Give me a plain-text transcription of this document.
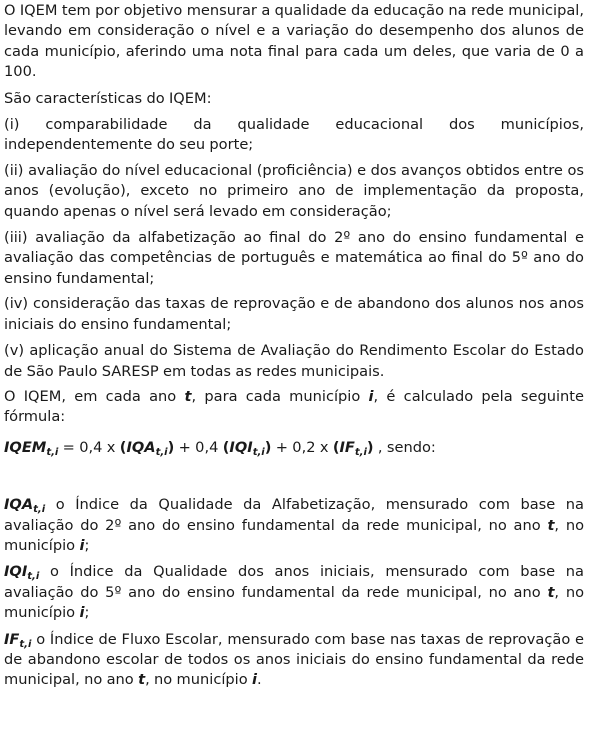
O IQEM tem por objetivo mensurar a qualidade da educação na rede municipal, levando em consideração o nível e a variação do desempenho dos alunos de cada município, aferindo uma nota final para cada um deles, que varia de 0 a 100.

São características do IQEM:

(i) comparabilidade da qualidade educacional dos municípios, independentemente do seu porte;

(ii) avaliação do nível educacional (proficiência) e dos avanços obtidos entre os anos (evolução), exceto no primeiro ano de implementação da proposta, quando apenas o nível será levado em consideração;

(iii) avaliação da alfabetização ao final do 2º ano do ensino fundamental e avaliação das competências de português e matemática ao final do 5º ano do ensino fundamental;

(iv) consideração das taxas de reprovação e de abandono dos alunos nos anos iniciais do ensino fundamental;

(v) aplicação anual do Sistema de Avaliação do Rendimento Escolar do Estado de São Paulo SARESP em todas as redes municipais.

O IQEM, em cada ano t, para cada município i, é calculado pela seguinte fórmula:

$IQEM_{t,i} = 0,4$ x $(IQA_{t,i}) + 0,4$ $(IQI_{t,i}) + 0,2$ x $(IF_{t,i})$ , sendo:

$IQA_{t,i}$ o Índice da Qualidade da Alfabetização, mensurado com base na avaliação do 2º ano do ensino fundamental da rede municipal, no ano t, no município i;

$IQI_{t,i}$ o Índice da Qualidade dos anos iniciais, mensurado com base na avaliação do 5º ano do ensino fundamental da rede municipal, no ano t, no município i;

$IF_{t,i}$ o Índice de Fluxo Escolar, mensurado com base nas taxas de reprovação e de abandono escolar de todos os anos iniciais do ensino fundamental da rede municipal, no ano t, no município i.
